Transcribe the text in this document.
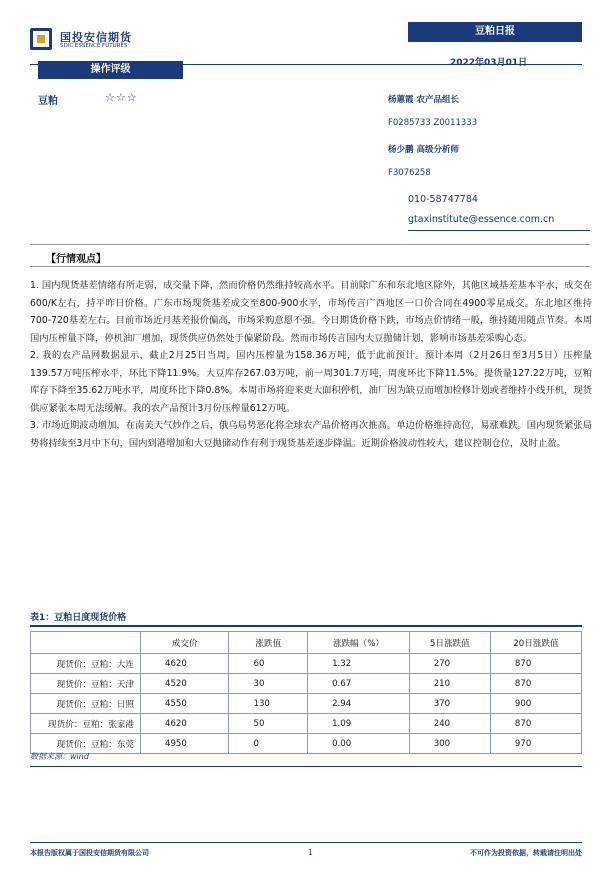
国投安信期货
SDIC ESSENCE FUTURES
豆粕日报
2022年03月01日
操作评级
豆粕	☆☆☆	杨蕙霞 农产品组长
F0285733 Z0011333
杨少鹏 高级分析师
F3076258
010-58747784
gtaxinstitute@essence.com.cn
【行情观点】

1. 国内现货基差情绪有所走弱，成交量下降，然而价格仍然维持较高水平。目前除广东和东北地区除外，其他区域基差基本平水，成交在600/K左右，持平昨日价格。广东市场现货基差成交至800-900水平，市场传言广西地区一口价合同在4900零星成交。东北地区维持700-720基差左右。目前市场近月基差报价偏高，市场采购意愿不强。今日期货价格下跌，市场点价情绪一般，维持随用随点节奏。本周国内压榨量下降，停机油厂增加，现货供应仍然处于偏紧阶段。然而市场传言国内大豆抛储计划，影响市场基差采购心态。

2. 我的农产品网数据显示，截止2月25日当周，国内压榨量为158.36万吨，低于此前预计。预计本周（2月26日至3月5日）压榨量139.57万吨压榨水平，环比下降11.9%。大豆库存267.03万吨，前一周301.7万吨，周度环比下降11.5%。提货量127.22万吨，豆粕库存下降至35.62万吨水平，周度环比下降0.8%。本周市场将迎来更大面积停机，油厂因为缺豆而增加检修计划或者维持小线开机，现货供应紧张本周无法缓解。我的农产品预计3月份压榨量612万吨。

3. 市场近期波动增加，在南美天气炒作之后，俄乌局势恶化将全球农产品价格再次推高。单边价格维持高位，易涨难跌。国内现货紧张局势将持续至3月中下旬，国内到港增加和大豆抛储动作有利于现货基差逐步降温。近期价格波动性较大，建议控制仓位，及时止盈。

表1：豆粕日度现货价格
	成交价	涨跌值	涨跌幅（%）	5日涨跌值	20日涨跌值
现货价：豆粕：大连	4620	60	1.32	270	870
现货价：豆粕：天津	4520	30	0.67	210	870
现货价：豆粕：日照	4550	130	2.94	370	900
现货价：豆粕：张家港	4620	50	1.09	240	870
现货价：豆粕：东莞	4950	0	0.00	300	970
数据来源：wind
本报告版权属于国投安信期货有限公司	1	不可作为投资依据，转载请注明出处
